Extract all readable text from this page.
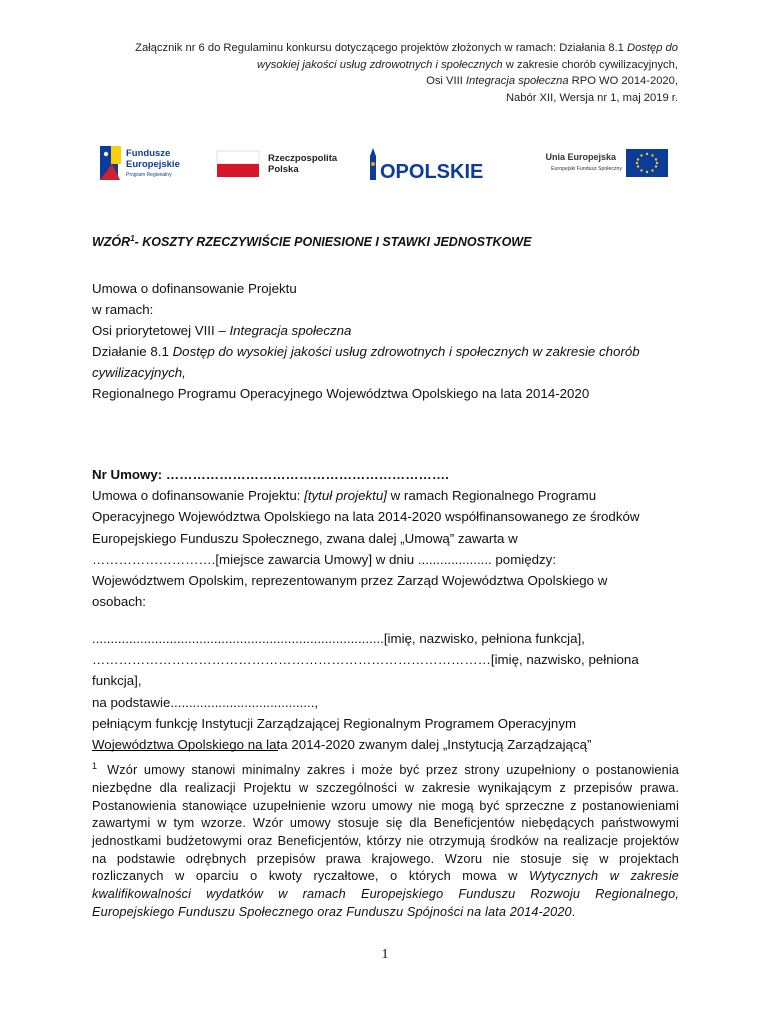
Załącznik nr 6 do Regulaminu konkursu dotyczącego projektów złożonych w ramach: Działania 8.1 Dostęp do
wysokiej jakości usług zdrowotnych i społecznych w zakresie chorób cywilizacyjnych,
Osi VIII Integracja społeczna RPO WO 2014-2020,
Nabór XII, Wersja nr 1, maj 2019 r.
Fundusze
Europejskie
Program Regionalny
Rzeczpospolita
Polska	OPOLSKIE
Unia Europejska
Europejski Fundusz Społeczny
WZÓR$^1$- KOSZTY RZECZYWIŚCIE PONIESIONE I STAWKI JEDNOSTKOWE

Umowa o dofinansowanie Projektu

w ramach:

Osi priorytetowej VIII – Integracja społeczna

Działanie 8.1 Dostęp do wysokiej jakości usług zdrowotnych i społecznych w zakresie chorób

cywilizacyjnych,

Regionalnego Programu Operacyjnego Województwa Opolskiego na lata 2014-2020

Nr Umowy: ……………………………………………………….

Umowa o dofinansowanie Projektu: [tytuł projektu] w ramach Regionalnego Programu

Operacyjnego Województwa Opolskiego na lata 2014-2020 współfinansowanego ze środków

Europejskiego Funduszu Społecznego, zwana dalej „Umową” zawarta w

……………………….[miejsce zawarcia Umowy] w dniu .................... pomiędzy:

Województwem Opolskim, reprezentowanym przez Zarząd Województwa Opolskiego w

osobach:

...............................................................................[imię, nazwisko, pełniona funkcja],

………………………………………………………………………………[imię, nazwisko, pełniona funkcja],

na podstawie.......................................,

pełniącym funkcję Instytucji Zarządzającej Regionalnym Programem Operacyjnym

Województwa Opolskiego na lata 2014-2020 zwanym dalej „Instytucją Zarządzającą”

$^1$ Wzór umowy stanowi minimalny zakres i może być przez strony uzupełniony o postanowienia niezbędne dla realizacji Projektu w szczególności w zakresie wynikającym z przepisów prawa. Postanowienia stanowiące uzupełnienie wzoru umowy nie mogą być sprzeczne z postanowieniami zawartymi w tym wzorze. Wzór umowy stosuje się dla Beneficjentów niebędących państwowymi jednostkami budżetowymi oraz Beneficjentów, którzy nie otrzymują środków na realizacje projektów na podstawie odrębnych przepisów prawa krajowego. Wzoru nie stosuje się w projektach rozliczanych w oparciu o kwoty ryczałtowe, o których mowa w Wytycznych w zakresie kwalifikowalności wydatków w ramach Europejskiego Funduszu Rozwoju Regionalnego, Europejskiego Funduszu Społecznego oraz Funduszu Spójności na lata 2014-2020.
1
